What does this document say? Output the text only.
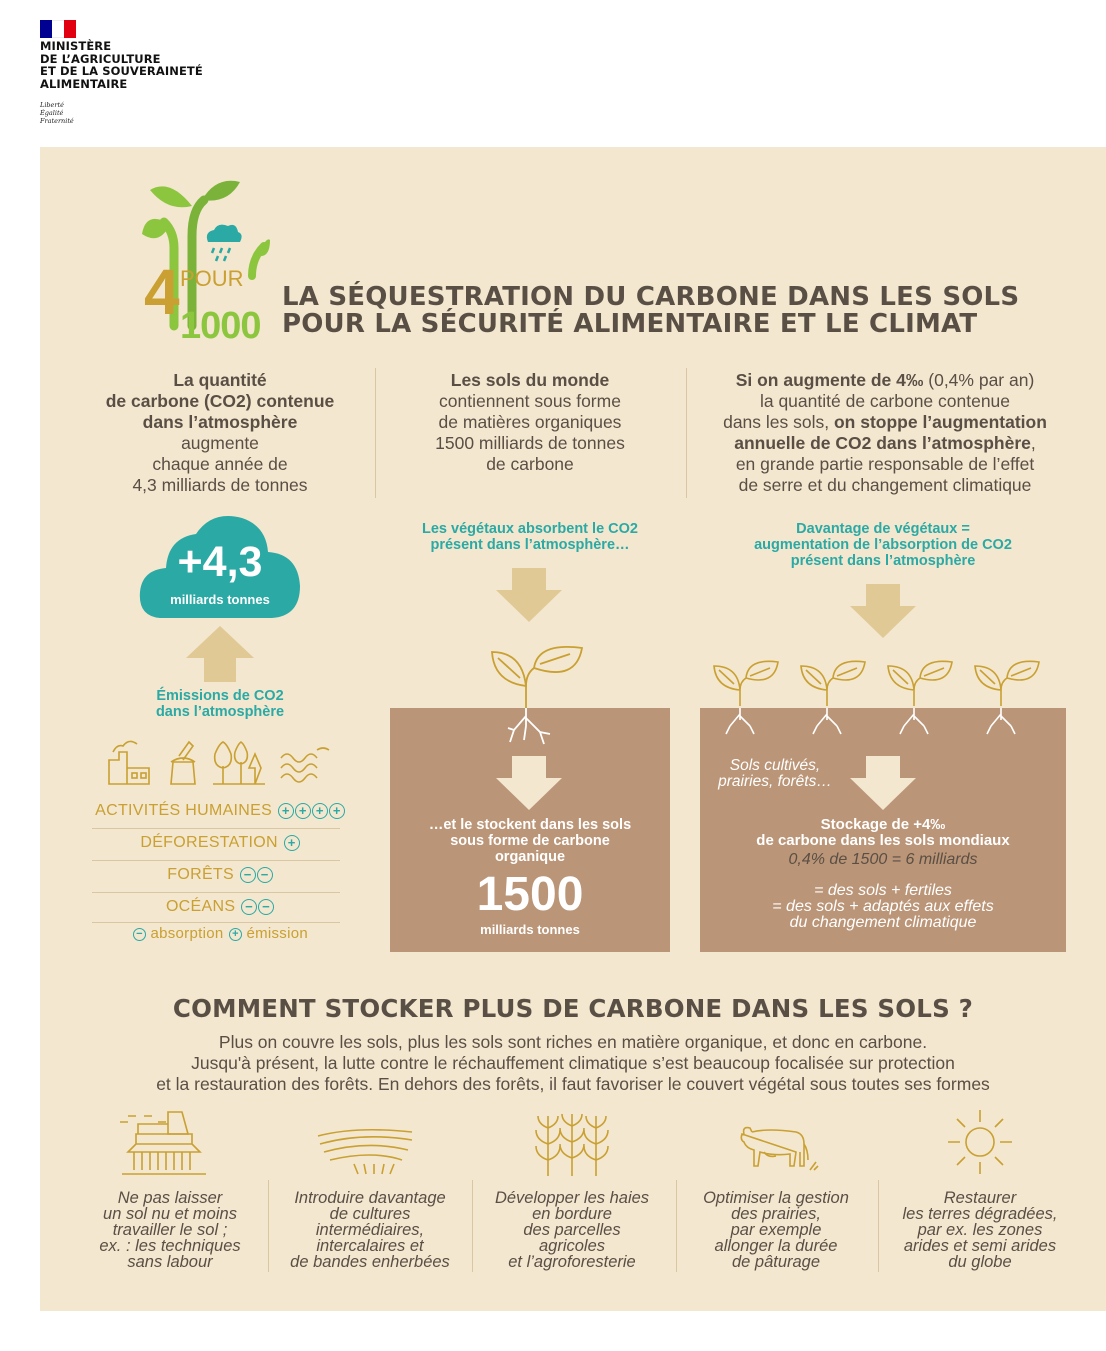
MINISTÈRE
DE L’AGRICULTURE
ET DE LA SOUVERAINETÉ
ALIMENTAIRE
Liberté
Égalité
Fraternité
4 POUR
1000
LA SÉQUESTRATION DU CARBONE DANS LES SOLS
POUR LA SÉCURITÉ ALIMENTAIRE ET LE CLIMAT
La quantité
de carbone (CO2) contenue
dans l’atmosphère
augmente
chaque année de
4,3 milliards de tonnes
+4,3
milliards tonnes
Émissions de CO2
dans l’atmosphère
ACTIVITÉS HUMAINES + + + +
DÉFORESTATION +
FORÊTS − −
OCÉANS − −
− absorption + émission
Les sols du monde
contiennent sous forme
de matières organiques
1500 milliards de tonnes
de carbone
Les végétaux absorbent le CO2
présent dans l’atmosphère…
…et le stockent dans les sols
sous forme de carbone
organique
1500
milliards tonnes
Si on augmente de 4‰ (0,4% par an)
la quantité de carbone contenue
dans les sols, on stoppe l’augmentation
annuelle de CO2 dans l’atmosphère,
en grande partie responsable de l’effet
de serre et du changement climatique
Davantage de végétaux =
augmentation de l’absorption de CO2
présent dans l’atmosphère
Sols cultivés,
prairies, forêts…
Stockage de +4‰
de carbone dans les sols mondiaux
0,4% de 1500 = 6 milliards
= des sols + fertiles
= des sols + adaptés aux effets
du changement climatique
COMMENT STOCKER PLUS DE CARBONE DANS LES SOLS ?
Plus on couvre les sols, plus les sols sont riches en matière organique, et donc en carbone.
Jusqu'à présent, la lutte contre le réchauffement climatique s’est beaucoup focalisée sur protection
et la restauration des forêts. En dehors des forêts, il faut favoriser le couvert végétal sous toutes ses formes
Ne pas laisser
un sol nu et moins
travailler le sol ;
ex. : les techniques
sans labour
Introduire davantage
de cultures
intermédiaires,
intercalaires et
de bandes enherbées
Développer les haies
en bordure
des parcelles
agricoles
et l’agroforesterie
Optimiser la gestion
des prairies,
par exemple
allonger la durée
de pâturage
Restaurer
les terres dégradées,
par ex. les zones
arides et semi arides
du globe
